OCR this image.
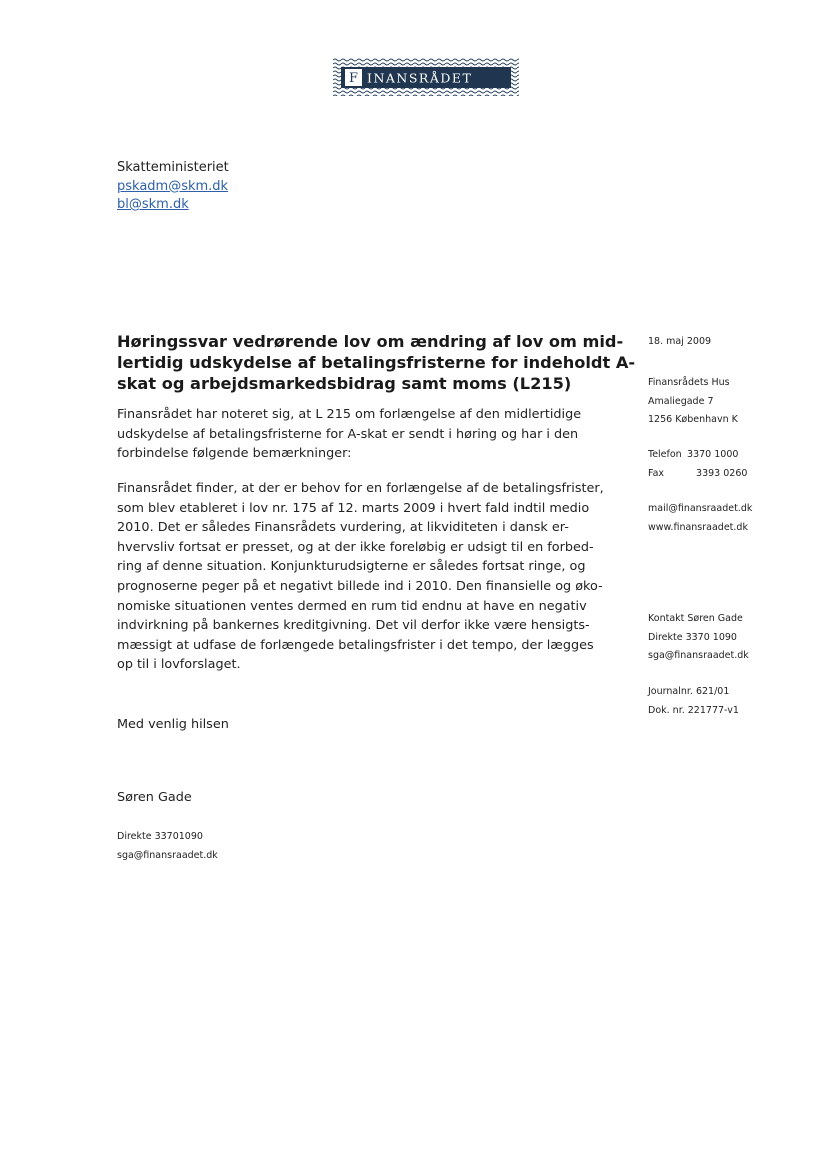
F INANSRÅDET
Skatteministeriet
pskadm@skm.dk
bl@skm.dk
Høringssvar vedrørende lov om ændring af lov om mid-
lertidig udskydelse af betalingsfristerne for indeholdt A-
skat og arbejdsmarkedsbidrag samt moms (L215)

Finansrådet har noteret sig, at L 215 om forlængelse af den midlertidige
udskydelse af betalingsfristerne for A-skat er sendt i høring og har i den
forbindelse følgende bemærkninger:

Finansrådet finder, at der er behov for en forlængelse af de betalingsfrister,
som blev etableret i lov nr. 175 af 12. marts 2009 i hvert fald indtil medio
2010. Det er således Finansrådets vurdering, at likviditeten i dansk er-
hvervsliv fortsat er presset, og at der ikke foreløbig er udsigt til en forbed-
ring af denne situation. Konjunkturudsigterne er således fortsat ringe, og
prognoserne peger på et negativt billede ind i 2010. Den finansielle og øko-
nomiske situationen ventes dermed en rum tid endnu at have en negativ
indvirkning på bankernes kreditgivning. Det vil derfor ikke være hensigts-
mæssigt at udfase de forlængede betalingsfrister i det tempo, der lægges
op til i lovforslaget.

Med venlig hilsen
Søren Gade
Direkte 33701090
sga@finansraadet.dk
18. maj 2009
Finansrådets Hus
Amaliegade 7
1256 København K
Telefon 3370 1000
Fax	3393 0260
mail@finansraadet.dk
www.finansraadet.dk
Kontakt Søren Gade
Direkte 3370 1090
sga@finansraadet.dk
Journalnr. 621/01
Dok. nr. 221777-v1
